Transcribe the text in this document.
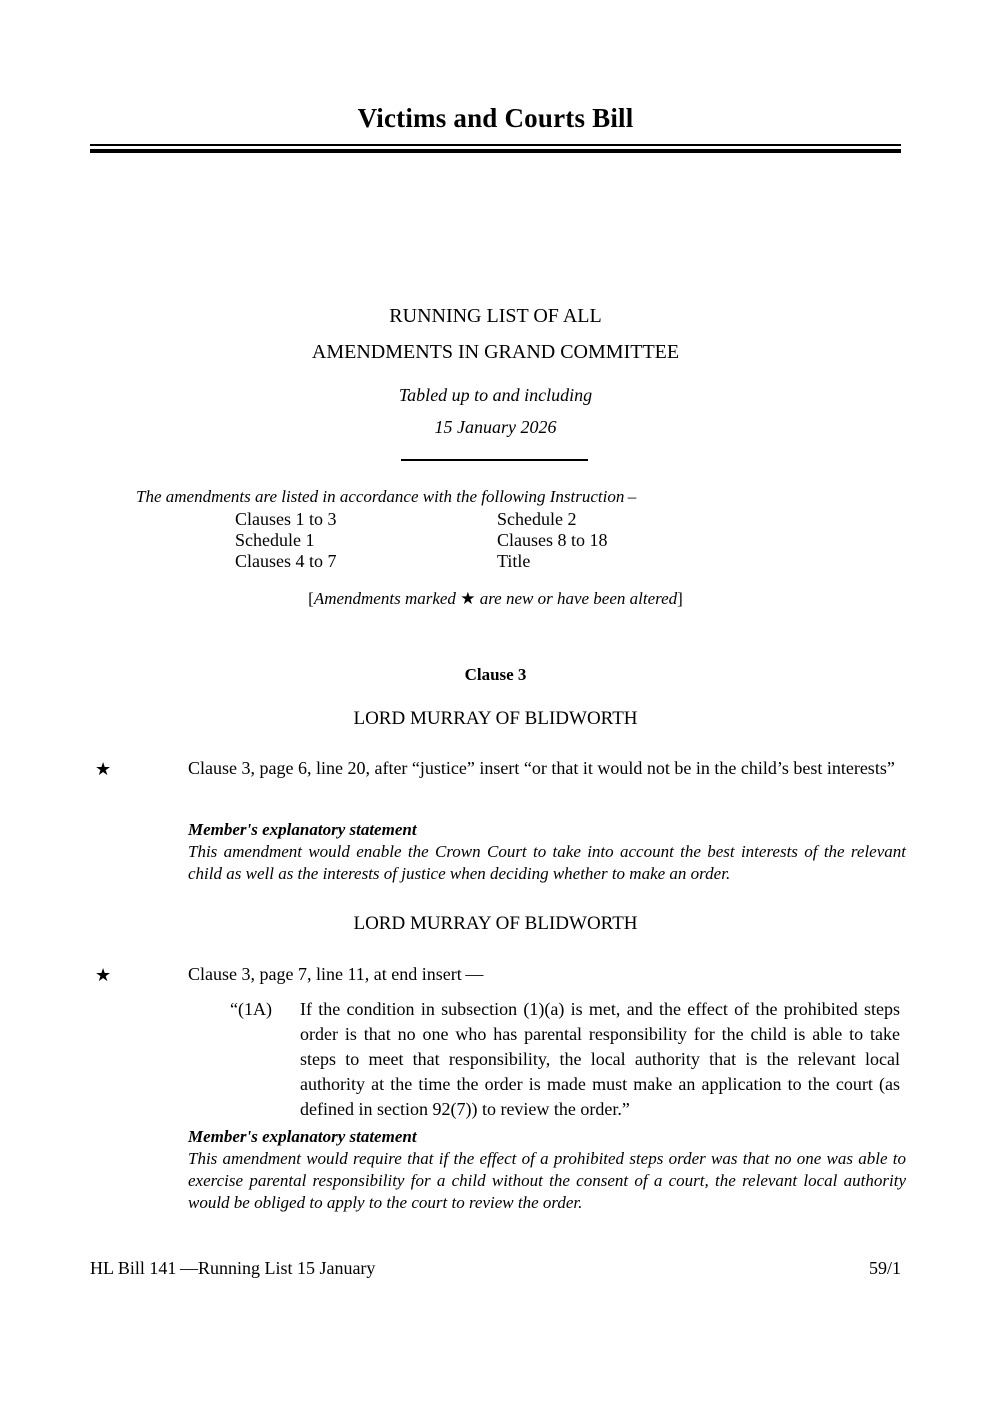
Victims and Courts Bill
RUNNING LIST OF ALL
AMENDMENTS IN GRAND COMMITTEE
Tabled up to and including
15 January 2026
The amendments are listed in accordance with the following Instruction –
Clauses 1 to 3	Schedule 2
Schedule 1	Clauses 8 to 18
Clauses 4 to 7	Title
[Amendments marked ★ are new or have been altered]
Clause 3
LORD MURRAY OF BLIDWORTH
★	Clause 3, page 6, line 20, after “justice” insert “or that it would not be in the child’s best interests”
Member's explanatory statement
This amendment would enable the Crown Court to take into account the best interests of the relevant child as well as the interests of justice when deciding whether to make an order.
LORD MURRAY OF BLIDWORTH
★	Clause 3, page 7, line 11, at end insert —
“(1A)	If the condition in subsection (1)(a) is met, and the effect of the prohibited steps order is that no one who has parental responsibility for the child is able to take steps to meet that responsibility, the local authority that is the relevant local authority at the time the order is made must make an application to the court (as defined in section 92(7)) to review the order.”
Member's explanatory statement
This amendment would require that if the effect of a prohibited steps order was that no one was able to exercise parental responsibility for a child without the consent of a court, the relevant local authority would be obliged to apply to the court to review the order.
HL Bill 141 —Running List 15 January	59/1
